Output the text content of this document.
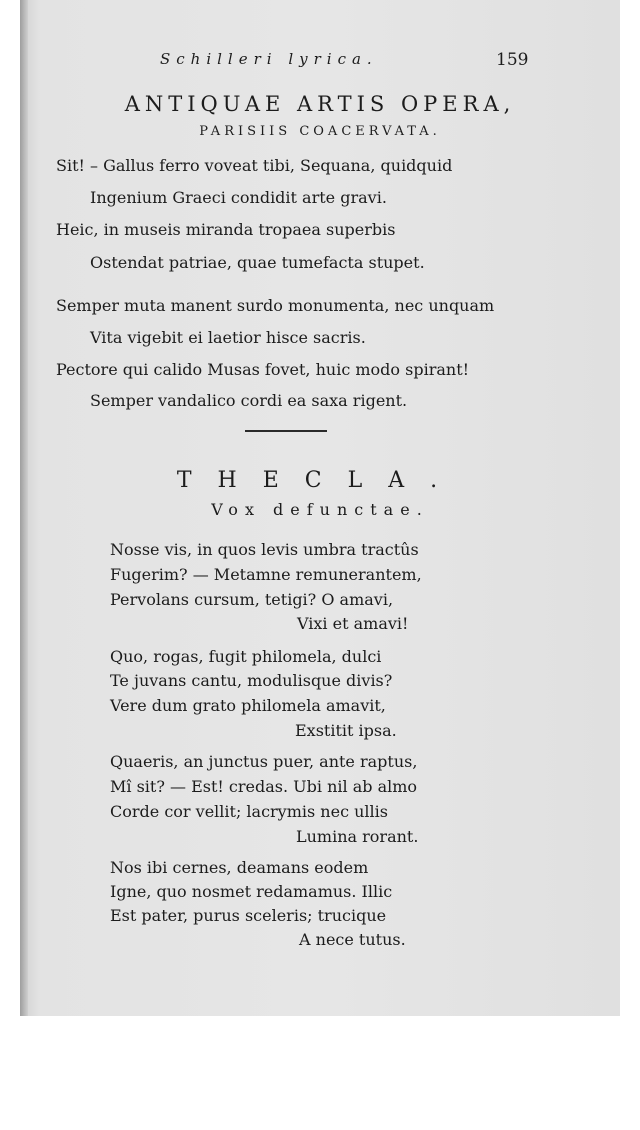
Schilleri lyrica.	159
ANTIQUAE ARTIS OPERA,
PARISIIS COACERVATA.
Sit! – Gallus ferro voveat tibi, Sequana, quidquid
Ingenium Graeci condidit arte gravi.
Heic, in museis miranda tropaea superbis
Ostendat patriae, quae tumefacta stupet.
Semper muta manent surdo monumenta, nec unquam
Vita vigebit ei laetior hisce sacris.
Pectore qui calido Musas fovet, huic modo spirant!
Semper vandalico cordi ea saxa rigent.
THECLA.
Vox defunctae.
Nosse vis, in quos levis umbra tractûs
Fugerim? — Metamne remunerantem,
Pervolans cursum, tetigi? O amavi,
Vixi et amavi!
Quo, rogas, fugit philomela, dulci
Te juvans cantu, modulisque divis?
Vere dum grato philomela amavit,
Exstitit ipsa.
Quaeris, an junctus puer, ante raptus,
Mî sit? — Est! credas. Ubi nil ab almo
Corde cor vellit; lacrymis nec ullis
Lumina rorant.
Nos ibi cernes, deamans eodem
Igne, quo nosmet redamamus. Illic
Est pater, purus sceleris; trucique
A nece tutus.
